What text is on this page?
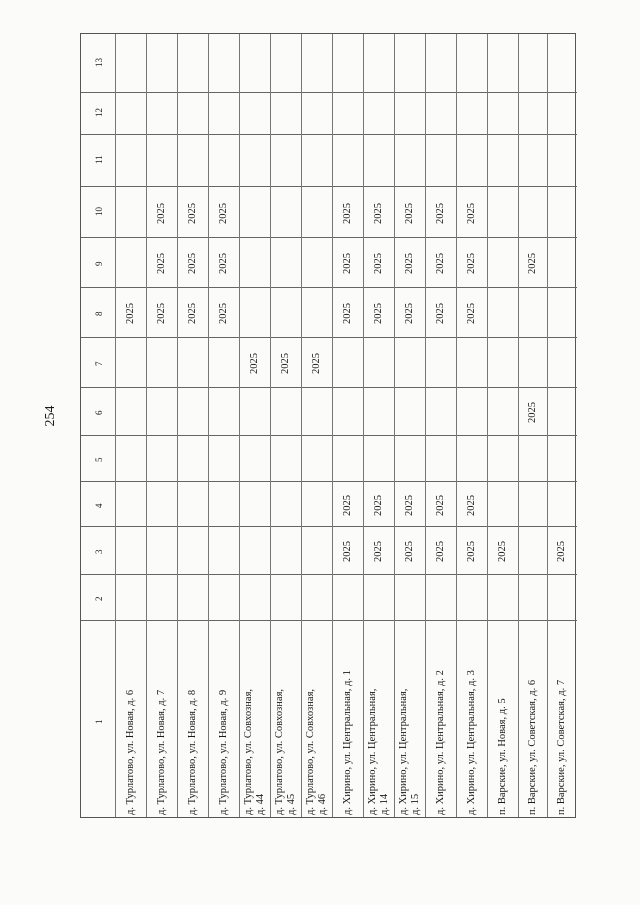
254
1
2
3
4
5
6
7
8
9
10
11
12
13
д. Турлатово, ул. Новая, д. 6
2025
д. Турлатово, ул. Новая, д. 7
2025
2025
2025
д. Турлатово, ул. Новая, д. 8
2025
2025
2025
д. Турлатово, ул. Новая, д. 9
2025
2025
2025
д. Турлатово, ул. Совхозная, д. 44
2025
д. Турлатово, ул. Совхозная, д. 45
2025
д. Турлатово, ул. Совхозная, д. 46
2025
д. Хирино, ул. Центральная, д. 1
2025
2025
2025
2025
2025
д. Хирино, ул. Центральная, д. 14
2025
2025
2025
2025
2025
д. Хирино, ул. Центральная, д. 15
2025
2025
2025
2025
2025
д. Хирино, ул. Центральная, д. 2
2025
2025
2025
2025
2025
д. Хирино, ул. Центральная, д. 3
2025
2025
2025
2025
2025
п. Варские, ул. Новая, д. 5
2025
п. Варские, ул. Советская, д. 6
2025
2025
п. Варские, ул. Советская, д. 7
2025
